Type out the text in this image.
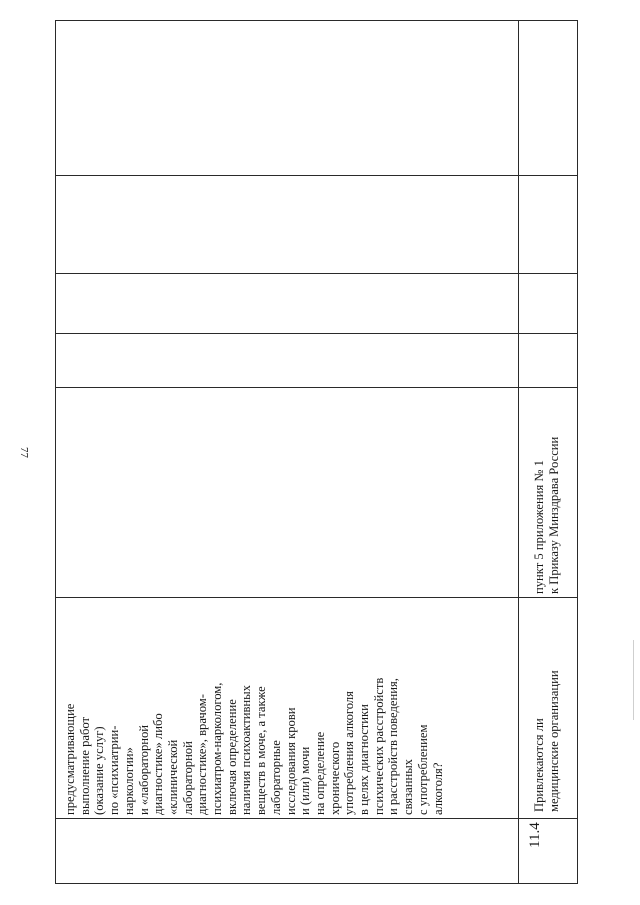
77
предусматривающие выполнение работ (оказание услуг) по «психиатрии- наркологии» и «лабораторной диагностике» либо «клинической лабораторной диагностике», врачом- психиатром-наркологом, включая определение наличия психоактивных веществ в моче, а также лабораторные исследования крови и (или) мочи на определение хронического употребления алкоголя в целях диагностики психических расстройств и расстройств поведения, связанных с употреблением алкоголя?
11.4
Привлекаются ли медицинские организации
пункт 5 приложения № 1 к Приказу Минздрава России
